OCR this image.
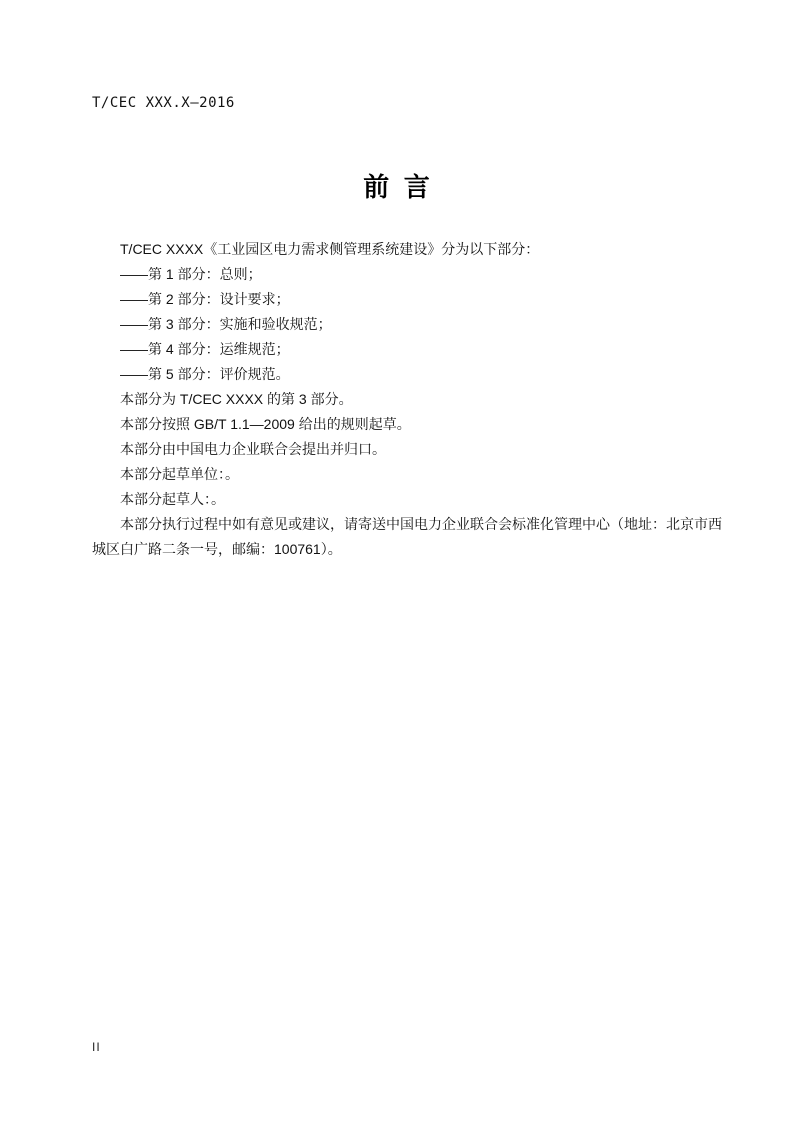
T/CEC XXX.X—2016
前  言

T/CEC XXXX《工业园区电力需求侧管理系统建设》分为以下部分：

——第 1 部分：总则；

——第 2 部分：设计要求；

——第 3 部分：实施和验收规范；

——第 4 部分：运维规范；

——第 5 部分：评价规范。

本部分为 T/CEC XXXX 的第 3 部分。

本部分按照 GB/T 1.1—2009 给出的规则起草。

本部分由中国电力企业联合会提出并归口。

本部分起草单位：。

本部分起草人：。

本部分执行过程中如有意见或建议，请寄送中国电力企业联合会标准化管理中心（地址：北京市西城区白广路二条一号，邮编：100761）。

II
